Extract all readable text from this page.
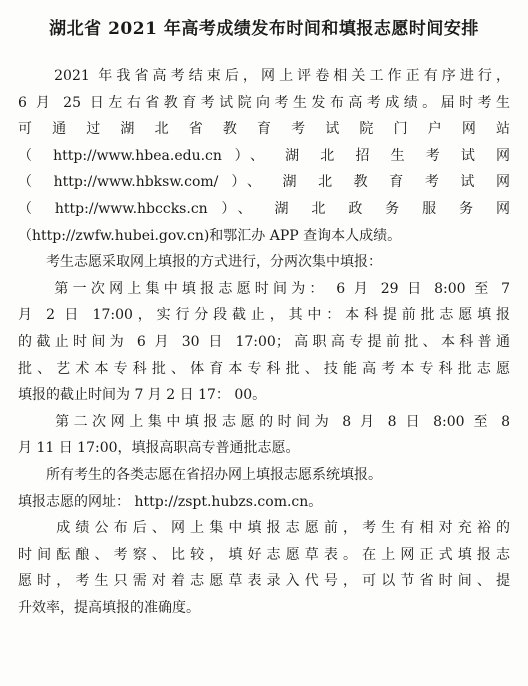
湖北省 2021 年高考成绩发布时间和填报志愿时间安排
　　2021 年我省高考结束后，网上评卷相关工作正有序进行，
6 月 25 日左右省教育考试院向考生发布高考成绩。届时考生
可 通 过 湖 北 省 教 育 考 试 院 门 户 网 站
（ http://www.hbea.edu.cn ）、 湖 北 招 生 考 试 网
（ http://www.hbksw.com/ ）、 湖 北 教 育 考 试 网
（ http://www.hbccks.cn ）、 湖 北 政 务 服 务 网
（http://zwfw.hubei.gov.cn)和鄂汇办 APP 查询本人成绩。
　　考生志愿采取网上填报的方式进行，分两次集中填报：
　　第一次网上集中填报志愿时间为： 6 月 29 日 8:00 至 7
月 2 日 17:00，实行分段截止，其中：本科提前批志愿填报
的截止时间为 6 月 30 日 17:00；高职高专提前批、本科普通
批、艺术本专科批、体育本专科批、技能高考本专科批志愿
填报的截止时间为 7 月 2 日 17： 00。
　　第二次网上集中填报志愿的时间为 8 月 8 日 8:00 至 8
月 11 日 17:00，填报高职高专普通批志愿。
　　所有考生的各类志愿在省招办网上填报志愿系统填报。
填报志愿的网址： http://zspt.hubzs.com.cn。
　　成绩公布后、网上集中填报志愿前，考生有相对充裕的
时间酝酿、考察、比较，填好志愿草表。在上网正式填报志
愿时，考生只需对着志愿草表录入代号，可以节省时间、提
升效率，提高填报的准确度。
